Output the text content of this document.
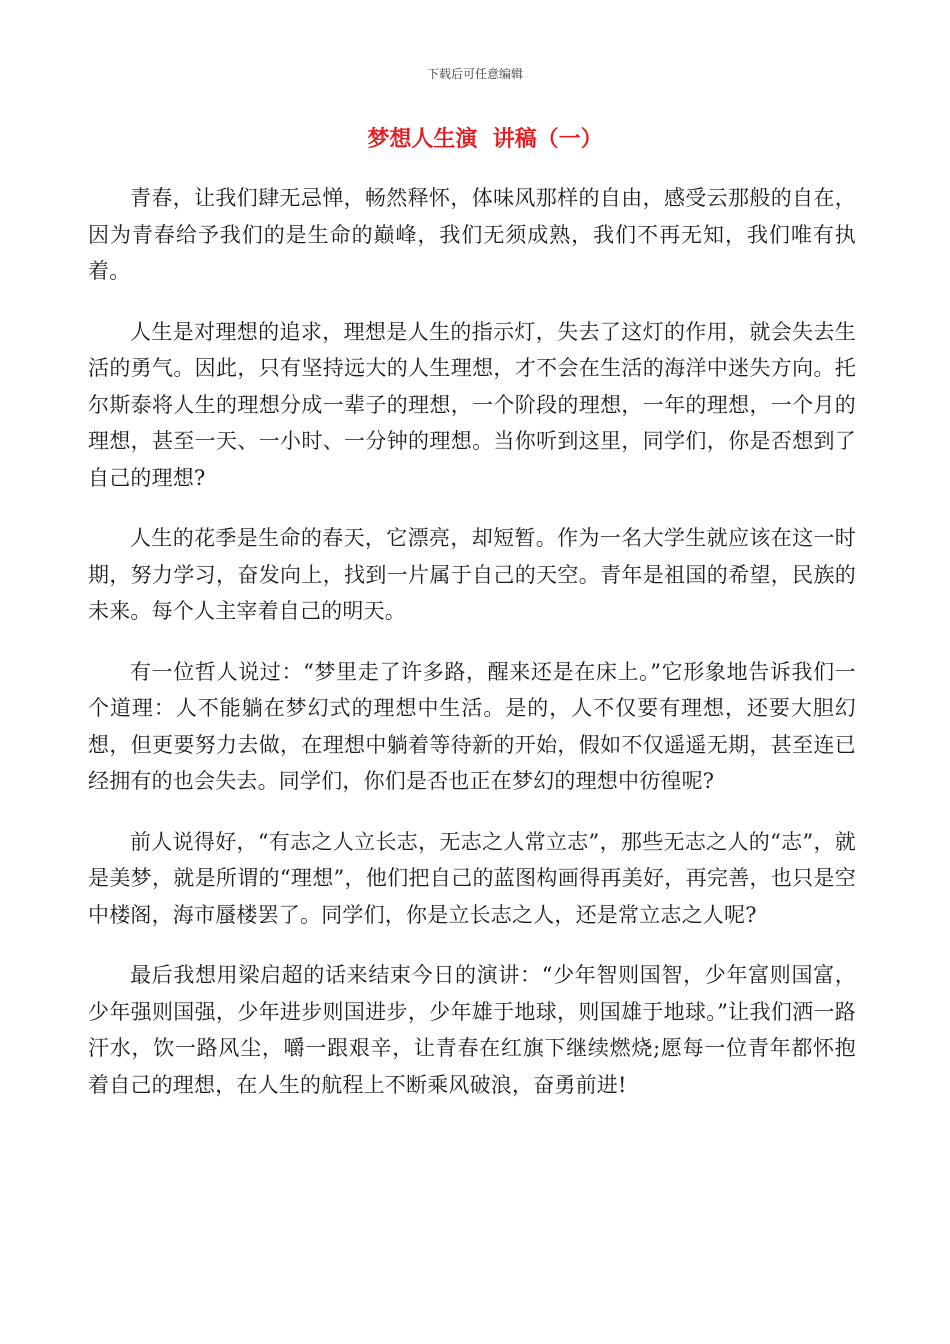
下载后可任意编辑
梦想人生演  讲稿（一）

青春，让我们肆无忌惮，畅然释怀，体味风那样的自由，感受云那般的自在，因为青春给予我们的是生命的巅峰，我们无须成熟，我们不再无知，我们唯有执着。

人生是对理想的追求，理想是人生的指示灯，失去了这灯的作用，就会失去生活的勇气。因此，只有坚持远大的人生理想，才不会在生活的海洋中迷失方向。托尔斯泰将人生的理想分成一辈子的理想，一个阶段的理想，一年的理想，一个月的理想，甚至一天、一小时、一分钟的理想。当你听到这里，同学们，你是否想到了自己的理想?

人生的花季是生命的春天，它漂亮，却短暂。作为一名大学生就应该在这一时期，努力学习，奋发向上，找到一片属于自己的天空。青年是祖国的希望，民族的未来。每个人主宰着自己的明天。

有一位哲人说过：“梦里走了许多路，醒来还是在床上。”它形象地告诉我们一个道理：人不能躺在梦幻式的理想中生活。是的，人不仅要有理想，还要大胆幻想，但更要努力去做，在理想中躺着等待新的开始，假如不仅遥遥无期，甚至连已经拥有的也会失去。同学们，你们是否也正在梦幻的理想中彷徨呢?

前人说得好，“有志之人立长志，无志之人常立志”，那些无志之人的“志”，就是美梦，就是所谓的“理想”，他们把自己的蓝图构画得再美好，再完善，也只是空中楼阁，海市蜃楼罢了。同学们，你是立长志之人，还是常立志之人呢?

最后我想用梁启超的话来结束今日的演讲：“少年智则国智，少年富则国富，少年强则国强，少年进步则国进步，少年雄于地球，则国雄于地球。”让我们洒一路汗水，饮一路风尘，嚼一跟艰辛，让青春在红旗下继续燃烧;愿每一位青年都怀抱着自己的理想，在人生的航程上不断乘风破浪，奋勇前进!
